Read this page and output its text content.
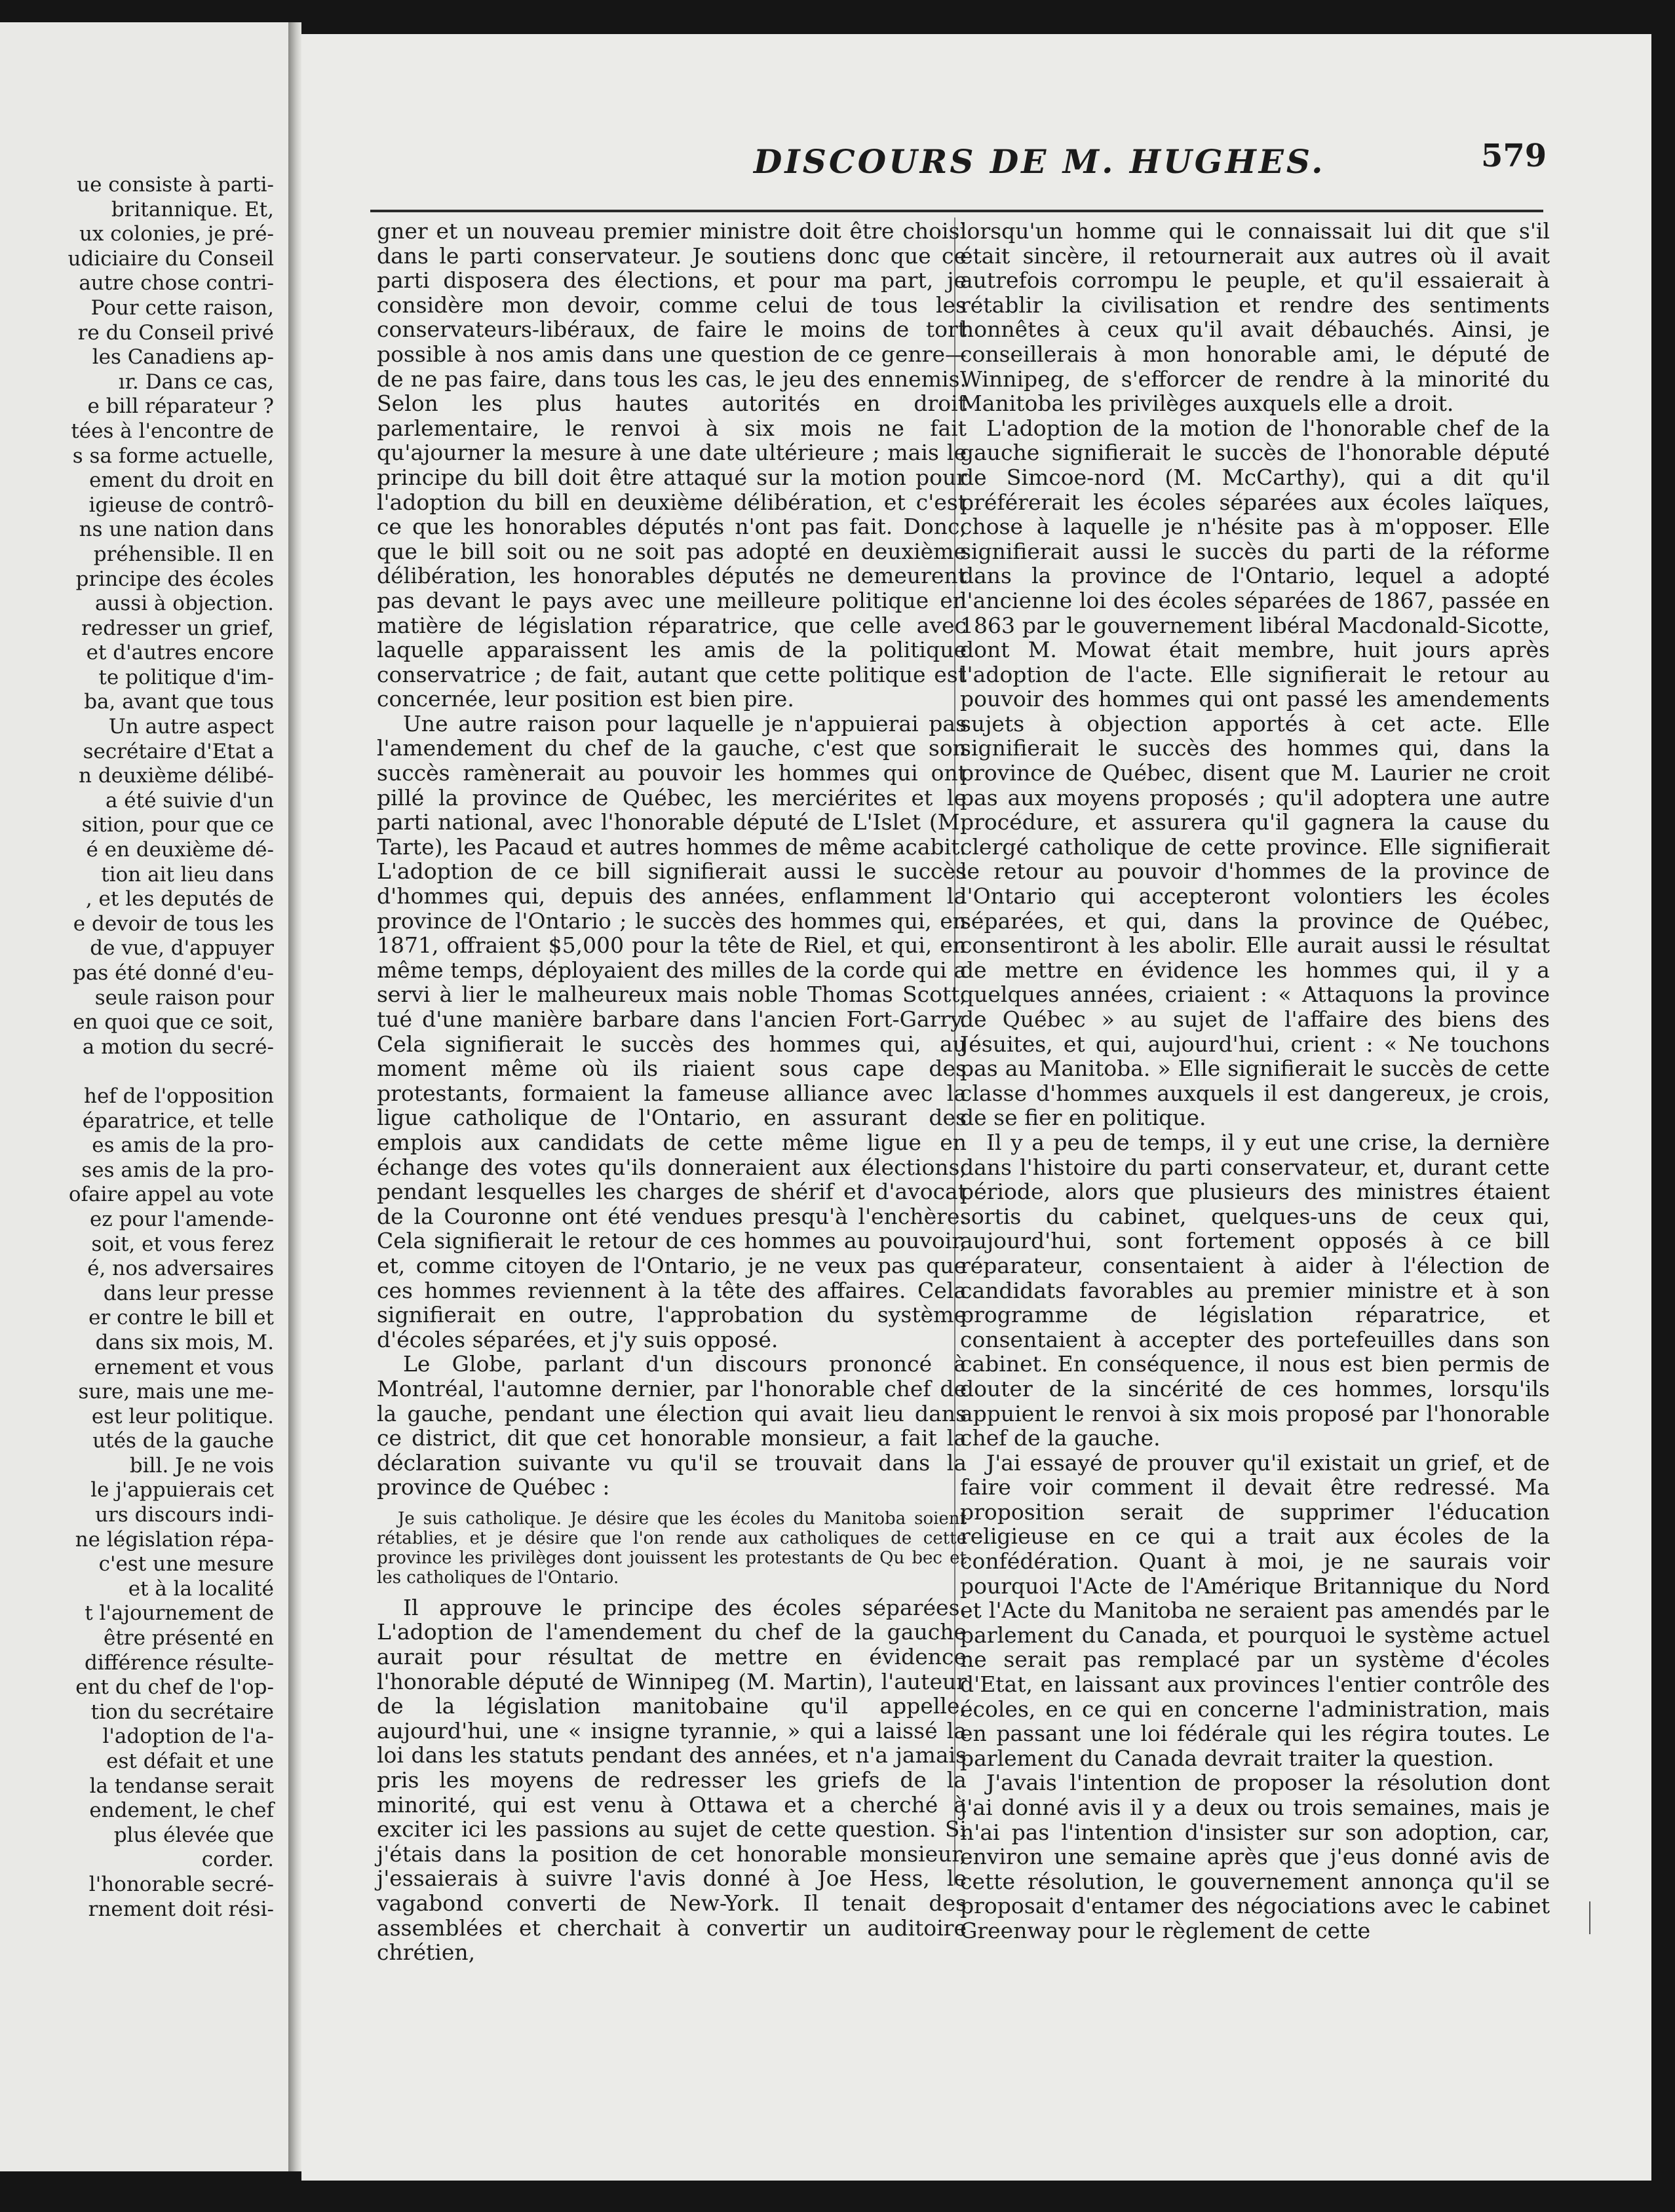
ue consiste à parti-
britannique. Et,
ux colonies, je pré-
udiciaire du Conseil
autre chose contri-
Pour cette raison,
re du Conseil privé
les Canadiens ap-
ır. Dans ce cas,
e bill réparateur ?
tées à l'encontre de
s sa forme actuelle,
ement du droit en
igieuse de contrô-
ns une nation dans
préhensible. Il en
principe des écoles
aussi à objection.
redresser un grief,
et d'autres encore
te politique d'im-
ba, avant que tous
Un autre aspect
secrétaire d'Etat a
n deuxième délibé-
a été suivie d'un
sition, pour que ce
é en deuxième dé-
tion ait lieu dans
, et les deputés de
e devoir de tous les
de vue, d'appuyer
pas été donné d'eu-
seule raison pour
en quoi que ce soit,
a motion du secré-

hef de l'opposition
éparatrice, et telle
es amis de la pro-
ses amis de la pro-
ofaire appel au vote
ez pour l'amende-
soit, et vous ferez
é, nos adversaires
dans leur presse
er contre le bill et
dans six mois, M.
ernement et vous
sure, mais une me-
est leur politique.
utés de la gauche
bill. Je ne vois
le j'appuierais cet
urs discours indi-
ne législation répa-
c'est une mesure
et à la localité
t l'ajournement de
être présenté en
différence résulte-
ent du chef de l'op-
tion du secrétaire
l'adoption de l'a-
est défait et une
la tendanse serait
endement, le chef
plus élevée que
corder.
l'honorable secré-
rnement doit rési-
DISCOURS DE M. HUGHES.	579

gner et un nouveau premier ministre doit être choisi dans le parti conservateur. Je soutiens donc que ce parti disposera des élections, et pour ma part, je considère mon devoir, comme celui de tous les conservateurs-libéraux, de faire le moins de tort possible à nos amis dans une question de ce genre—de ne pas faire, dans tous les cas, le jeu des ennemis. Selon les plus hautes autorités en droit parlementaire, le renvoi à six mois ne fait qu'ajourner la mesure à une date ultérieure ; mais le principe du bill doit être attaqué sur la motion pour l'adoption du bill en deuxième délibération, et c'est ce que les honorables députés n'ont pas fait. Donc, que le bill soit ou ne soit pas adopté en deuxième délibération, les honorables députés ne demeurent pas devant le pays avec une meilleure politique en matière de législation réparatrice, que celle avec laquelle apparaissent les amis de la politique conservatrice ; de fait, autant que cette politique est concernée, leur position est bien pire.

Une autre raison pour laquelle je n'appuierai pas l'amendement du chef de la gauche, c'est que son succès ramènerait au pouvoir les hommes qui ont pillé la province de Québec, les merciérites et le parti national, avec l'honorable député de L'Islet (M. Tarte), les Pacaud et autres hommes de même acabit. L'adoption de ce bill signifierait aussi le succès d'hommes qui, depuis des années, enflamment la province de l'Ontario ; le succès des hommes qui, en 1871, offraient $5,000 pour la tête de Riel, et qui, en même temps, déployaient des milles de la corde qui a servi à lier le malheureux mais noble Thomas Scott, tué d'une manière barbare dans l'ancien Fort-Garry. Cela signifierait le succès des hommes qui, au moment même où ils riaient sous cape des protestants, formaient la fameuse alliance avec la ligue catholique de l'Ontario, en assurant des emplois aux candidats de cette même ligue en échange des votes qu'ils donneraient aux élections, pendant lesquelles les charges de shérif et d'avocat de la Couronne ont été vendues presqu'à l'enchère. Cela signifierait le retour de ces hommes au pouvoir, et, comme citoyen de l'Ontario, je ne veux pas que ces hommes reviennent à la tête des affaires. Cela signifierait en outre, l'approbation du système d'écoles séparées, et j'y suis opposé.

Le Globe, parlant d'un discours prononcé à Montréal, l'automne dernier, par l'honorable chef de la gauche, pendant une élection qui avait lieu dans ce district, dit que cet honorable monsieur, a fait la déclaration suivante vu qu'il se trouvait dans la province de Québec :

Je suis catholique. Je désire que les écoles du Manitoba soient rétablies, et je désire que l'on rende aux catholiques de cette province les privilèges dont jouissent les protestants de Qu bec et les catholiques de l'Ontario.

Il approuve le principe des écoles séparées. L'adoption de l'amendement du chef de la gauche aurait pour résultat de mettre en évidence l'honorable député de Winnipeg (M. Martin), l'auteur de la législation manitobaine qu'il appelle, aujourd'hui, une « insigne tyrannie, » qui a laissé la loi dans les statuts pendant des années, et n'a jamais pris les moyens de redresser les griefs de la minorité, qui est venu à Ottawa et a cherché à exciter ici les passions au sujet de cette question. Si j'étais dans la position de cet honorable monsieur, j'essaierais à suivre l'avis donné à Joe Hess, le vagabond converti de New-York. Il tenait des assemblées et cherchait à convertir un auditoire chrétien,

lorsqu'un homme qui le connaissait lui dit que s'il était sincère, il retournerait aux autres où il avait autrefois corrompu le peuple, et qu'il essaierait à rétablir la civilisation et rendre des sentiments honnêtes à ceux qu'il avait débauchés. Ainsi, je conseillerais à mon honorable ami, le député de Winnipeg, de s'efforcer de rendre à la minorité du Manitoba les privilèges auxquels elle a droit.

L'adoption de la motion de l'honorable chef de la gauche signifierait le succès de l'honorable député de Simcoe-nord (M. McCarthy), qui a dit qu'il préférerait les écoles séparées aux écoles laïques, chose à laquelle je n'hésite pas à m'opposer. Elle signifierait aussi le succès du parti de la réforme dans la province de l'Ontario, lequel a adopté l'ancienne loi des écoles séparées de 1867, passée en 1863 par le gouvernement libéral Macdonald-Sicotte, dont M. Mowat était membre, huit jours après l'adoption de l'acte. Elle signifierait le retour au pouvoir des hommes qui ont passé les amendements sujets à objection apportés à cet acte. Elle signifierait le succès des hommes qui, dans la province de Québec, disent que M. Laurier ne croit pas aux moyens proposés ; qu'il adoptera une autre procédure, et assurera qu'il gagnera la cause du clergé catholique de cette province. Elle signifierait le retour au pouvoir d'hommes de la province de l'Ontario qui accepteront volontiers les écoles séparées, et qui, dans la province de Québec, consentiront à les abolir. Elle aurait aussi le résultat de mettre en évidence les hommes qui, il y a quelques années, criaient : « Attaquons la province de Québec » au sujet de l'affaire des biens des Jésuites, et qui, aujourd'hui, crient : « Ne touchons pas au Manitoba. » Elle signifierait le succès de cette classe d'hommes auxquels il est dangereux, je crois, de se fier en politique.

Il y a peu de temps, il y eut une crise, la dernière dans l'histoire du parti conservateur, et, durant cette période, alors que plusieurs des ministres étaient sortis du cabinet, quelques-uns de ceux qui, aujourd'hui, sont fortement opposés à ce bill réparateur, consentaient à aider à l'élection de candidats favorables au premier ministre et à son programme de législation réparatrice, et consentaient à accepter des portefeuilles dans son cabinet. En conséquence, il nous est bien permis de douter de la sincérité de ces hommes, lorsqu'ils appuient le renvoi à six mois proposé par l'honorable chef de la gauche.

J'ai essayé de prouver qu'il existait un grief, et de faire voir comment il devait être redressé. Ma proposition serait de supprimer l'éducation religieuse en ce qui a trait aux écoles de la confédération. Quant à moi, je ne saurais voir pourquoi l'Acte de l'Amérique Britannique du Nord et l'Acte du Manitoba ne seraient pas amendés par le parlement du Canada, et pourquoi le système actuel ne serait pas remplacé par un système d'écoles d'Etat, en laissant aux provinces l'entier contrôle des écoles, en ce qui en concerne l'administration, mais en passant une loi fédérale qui les régira toutes. Le parlement du Canada devrait traiter la question.

J'avais l'intention de proposer la résolution dont j'ai donné avis il y a deux ou trois semaines, mais je n'ai pas l'intention d'insister sur son adoption, car, environ une semaine après que j'eus donné avis de cette résolution, le gouvernement annonça qu'il se proposait d'entamer des négociations avec le cabinet Greenway pour le règlement de cette
